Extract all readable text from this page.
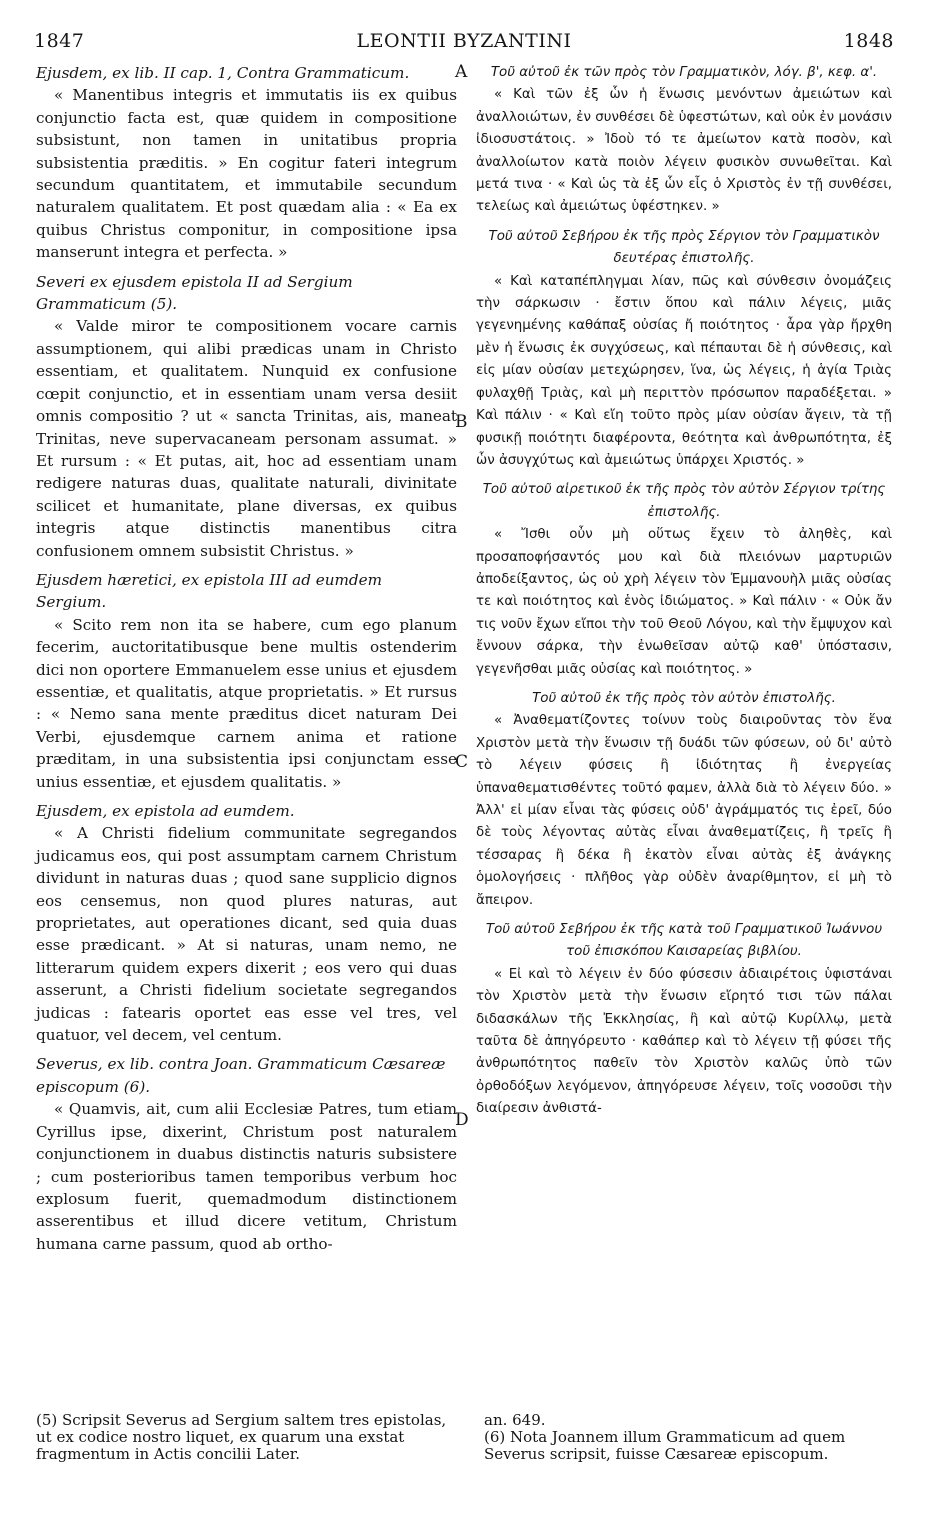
1847	LEONTII BYZANTINI	1848
Ejusdem, ex lib. II cap. 1, Contra Grammaticum.

« Manentibus integris et immutatis iis ex quibus conjunctio facta est, quæ quidem in compositione subsistunt, non tamen in unitatibus propria subsistentia præditis. » En cogitur fateri integrum secundum quantitatem, et immutabile secundum naturalem qualitatem. Et post quædam alia : « Ea ex quibus Christus componitur, in compositione ipsa manserunt integra et perfecta. »

Severi ex ejusdem epistola II ad Sergium Grammaticum (5).

« Valde miror te compositionem vocare carnis assumptionem, qui alibi prædicas unam in Christo essentiam, et qualitatem. Nunquid ex confusione cœpit conjunctio, et in essentiam unam versa desiit omnis compositio ? ut « sancta Trinitas, ais, maneat Trinitas, neve supervacaneam personam assumat. » Et rursum : « Et putas, ait, hoc ad essentiam unam redigere naturas duas, qualitate naturali, divinitate scilicet et humanitate, plane diversas, ex quibus integris atque distinctis manentibus citra confusionem omnem subsistit Christus. »

Ejusdem hæretici, ex epistola III ad eumdem Sergium.

« Scito rem non ita se habere, cum ego planum fecerim, auctoritatibusque bene multis ostenderim dici non oportere Emmanuelem esse unius et ejusdem essentiæ, et qualitatis, atque proprietatis. » Et rursus : « Nemo sana mente præditus dicet naturam Dei Verbi, ejusdemque carnem anima et ratione præditam, in una subsistentia ipsi conjunctam esse unius essentiæ, et ejusdem qualitatis. »

Ejusdem, ex epistola ad eumdem.

« A Christi fidelium communitate segregandos judicamus eos, qui post assumptam carnem Christum dividunt in naturas duas ; quod sane supplicio dignos eos censemus, non quod plures naturas, aut proprietates, aut operationes dicant, sed quia duas esse prædicant. » At si naturas, unam nemo, ne litterarum quidem expers dixerit ; eos vero qui duas asserunt, a Christi fidelium societate segregandos judicas : fatearis oportet eas esse vel tres, vel quatuor, vel decem, vel centum.

Severus, ex lib. contra Joan. Grammaticum Cæsareæ episcopum (6).

« Quamvis, ait, cum alii Ecclesiæ Patres, tum etiam Cyrillus ipse, dixerint, Christum post naturalem conjunctionem in duabus distinctis naturis subsistere ; cum posterioribus tamen temporibus verbum hoc explosum fuerit, quemadmodum distinctionem asserentibus et illud dicere vetitum, Christum humana carne passum, quod ab ortho-

Τοῦ αὐτοῦ ἐκ τῶν πρὸς τὸν Γραμματικὸν, λόγ. β', κεφ. α'.

« Καὶ τῶν ἐξ ὧν ἡ ἕνωσις μενόντων ἀμειώτων καὶ ἀναλλοιώτων, ἐν συνθέσει δὲ ὑφεστώτων, καὶ οὐκ ἐν μονάσιν ἰδιοσυστάτοις. » Ἰδοὺ τό τε ἀμείωτον κατὰ ποσὸν, καὶ ἀναλλοίωτον κατὰ ποιὸν λέγειν φυσικὸν συνωθεῖται. Καὶ μετά τινα · « Καὶ ὡς τὰ ἐξ ὧν εἷς ὁ Χριστὸς ἐν τῇ συνθέσει, τελείως καὶ ἀμειώτως ὑφέστηκεν. »

Τοῦ αὐτοῦ Σεβήρου ἐκ τῆς πρὸς Σέργιον τὸν Γραμματικὸν δευτέρας ἐπιστολῆς.

« Καὶ καταπέπληγμαι λίαν, πῶς καὶ σύνθεσιν ὀνομάζεις τὴν σάρκωσιν · ἔστιν ὅπου καὶ πάλιν λέγεις, μιᾶς γεγενημένης καθάπαξ οὐσίας ἤ ποιότητος · ἆρα γὰρ ἤρχθη μὲν ἡ ἕνωσις ἐκ συγχύσεως, καὶ πέπαυται δὲ ἡ σύνθεσις, καὶ εἰς μίαν οὐσίαν μετεχώρησεν, ἵνα, ὡς λέγεις, ἡ ἁγία Τριὰς φυλαχθῇ Τριὰς, καὶ μὴ περιττὸν πρόσωπον παραδέξεται. » Καὶ πάλιν · « Καὶ εἴη τοῦτο πρὸς μίαν οὐσίαν ἄγειν, τὰ τῇ φυσικῇ ποιότητι διαφέροντα, θεότητα καὶ ἀνθρωπότητα, ἐξ ὧν ἀσυγχύτως καὶ ἀμειώτως ὑπάρχει Χριστός. »

Τοῦ αὐτοῦ αἱρετικοῦ ἐκ τῆς πρὸς τὸν αὐτὸν Σέργιον τρίτης ἐπιστολῆς.

« Ἴσθι οὖν μὴ οὕτως ἔχειν τὸ ἀληθὲς, καὶ προσαποφήσαντός μου καὶ διὰ πλειόνων μαρτυριῶν ἀποδείξαντος, ὡς οὐ χρὴ λέγειν τὸν Ἐμμανουὴλ μιᾶς οὐσίας τε καὶ ποιότητος καὶ ἑνὸς ἰδιώματος. » Καὶ πάλιν · « Οὐκ ἄν τις νοῦν ἔχων εἴποι τὴν τοῦ Θεοῦ Λόγου, καὶ τὴν ἔμψυχον καὶ ἔννουν σάρκα, τὴν ἐνωθεῖσαν αὐτῷ καθ' ὑπόστασιν, γεγενῆσθαι μιᾶς οὐσίας καὶ ποιότητος. »

Τοῦ αὐτοῦ ἐκ τῆς πρὸς τὸν αὐτὸν ἐπιστολῆς.

« Ἀναθεματίζοντες τοίνυν τοὺς διαιροῦντας τὸν ἕνα Χριστὸν μετὰ τὴν ἕνωσιν τῇ δυάδι τῶν φύσεων, οὐ δι' αὐτὸ τὸ λέγειν φύσεις ἢ ἰδιότητας ἢ ἐνεργείας ὑπαναθεματισθέντες τοῦτό φαμεν, ἀλλὰ διὰ τὸ λέγειν δύο. » Ἀλλ' εἰ μίαν εἶναι τὰς φύσεις οὐδ' ἀγράμματός τις ἐρεῖ, δύο δὲ τοὺς λέγοντας αὐτὰς εἶναι ἀναθεματίζεις, ἢ τρεῖς ἢ τέσσαρας ἢ δέκα ἢ ἑκατὸν εἶναι αὐτὰς ἐξ ἀνάγκης ὁμολογήσεις · πλῆθος γὰρ οὐδὲν ἀναρίθμητον, εἰ μὴ τὸ ἄπειρον.

Τοῦ αὐτοῦ Σεβήρου ἐκ τῆς κατὰ τοῦ Γραμματικοῦ Ἰωάννου τοῦ ἐπισκόπου Καισαρείας βιβλίου.

« Εἰ καὶ τὸ λέγειν ἐν δύο φύσεσιν ἀδιαιρέτοις ὑφιστάναι τὸν Χριστὸν μετὰ τὴν ἕνωσιν εἴρητό τισι τῶν πάλαι διδασκάλων τῆς Ἐκκλησίας, ἢ καὶ αὐτῷ Κυρίλλῳ, μετὰ ταῦτα δὲ ἀπηγόρευτο · καθάπερ καὶ τὸ λέγειν τῇ φύσει τῆς ἀνθρωπότητος παθεῖν τὸν Χριστὸν καλῶς ὑπὸ τῶν ὀρθοδόξων λεγόμενον, ἀπηγόρευσε λέγειν, τοῖς νοσοῦσι τὴν διαίρεσιν ἀνθιστά-

A
B
C
D
(5) Scripsit Severus ad Sergium saltem tres epistolas, ut ex codice nostro liquet, ex quarum una exstat fragmentum in Actis concilii Later.
an. 649.
(6) Nota Joannem illum Grammaticum ad quem Severus scripsit, fuisse Cæsareæ episcopum.
